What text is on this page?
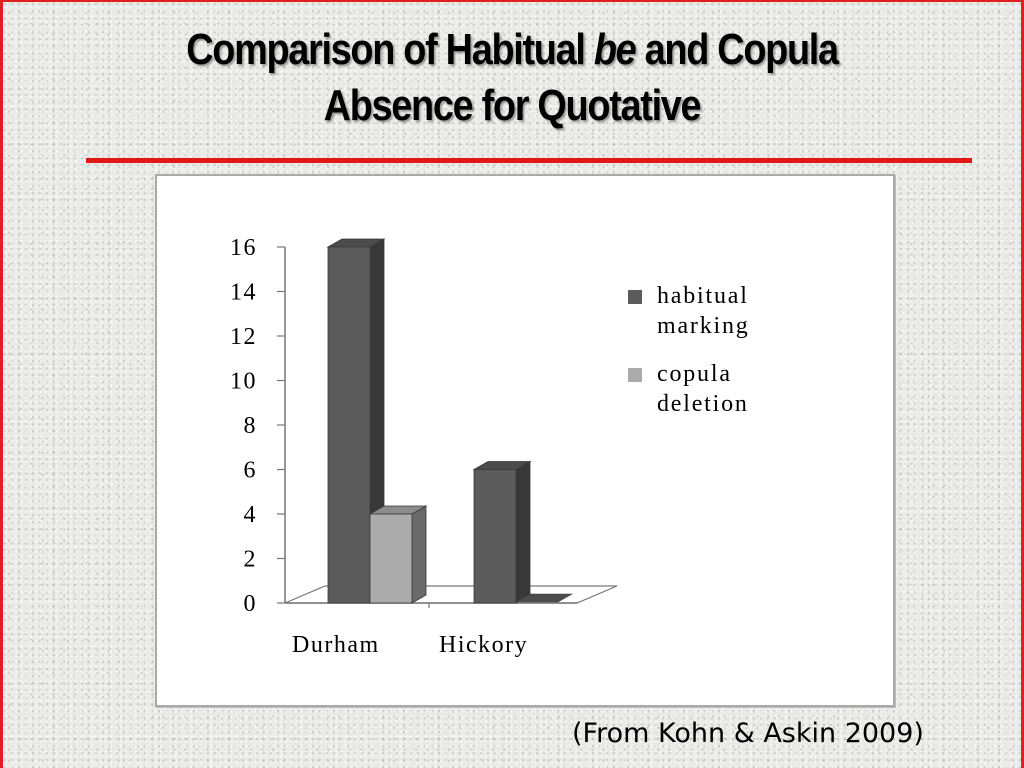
Comparison of Habitual be and Copula
Absence for Quotative
0
2
4
6
8
10
12
14
16
Durham Hickory
habitual
marking
copula
deletion
(From Kohn & Askin 2009)
